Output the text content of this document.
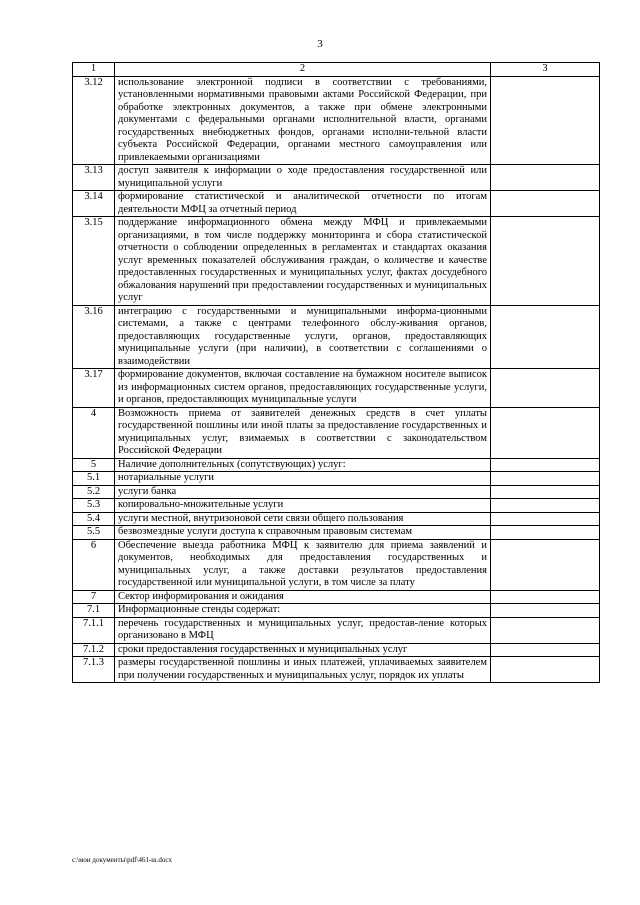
3
1	2	3
3.12	использование электронной подписи в соответствии с требованиями, установленными нормативными правовыми актами Российской Федерации, при обработке электронных документов, а также при обмене электронными документами с федеральными органами исполнительной власти, органами государственных внебюджетных фондов, органами исполни-тельной власти субъекта Российской Федерации, органами местного самоуправления или привлекаемыми организациями	
3.13	доступ заявителя к информации о ходе предоставления государственной или муниципальной услуги	
3.14	формирование статистической и аналитической отчетности по итогам деятельности МФЦ за отчетный период	
3.15	поддержание информационного обмена между МФЦ и привлекаемыми организациями, в том числе поддержку мониторинга и сбора статистической отчетности о соблюдении определенных в регламентах и стандартах оказания услуг временных показателей обслуживания граждан, о количестве и качестве предоставленных государственных и муниципальных услуг, фактах досудебного обжалования нарушений при предоставлении государственных и муниципальных услуг	
3.16	интеграцию с государственными и муниципальными информа-ционными системами, а также с центрами телефонного обслу-живания органов, предоставляющих государственные услуги, органов, предоставляющих муниципальные услуги (при наличии), в соответствии с соглашениями о взаимодействии	
3.17	формирование документов, включая составление на бумажном носителе выписок из информационных систем органов, предоставляющих государственные услуги, и органов, предоставляющих муниципальные услуги	
4	Возможность приема от заявителей денежных средств в счет уплаты государственной пошлины или иной платы за предоставление государственных и муниципальных услуг, взимаемых в соответствии с законодательством Российской Федерации	
5	Наличие дополнительных (сопутствующих) услуг:	
5.1	нотариальные услуги	
5.2	услуги банка	
5.3	копировально-множительные услуги	
5.4	услуги местной, внутризоновой сети связи общего пользования	
5.5	безвозмездные услуги доступа к справочным правовым системам	
6	Обеспечение выезда работника МФЦ к заявителю для приема заявлений и документов, необходимых для предоставления государственных и муниципальных услуг, а также доставки результатов предоставления государственной или муниципальной услуги, в том числе за плату	
7	Сектор информирования и ожидания	
7.1	Информационные стенды содержат:	
7.1.1	перечень государственных и муниципальных услуг, предостав-ление которых организовано в МФЦ	
7.1.2	сроки предоставления государственных и муниципальных услуг	
7.1.3	размеры государственной пошлины и иных платежей, уплачиваемых заявителем при получении государственных и муниципальных услуг, порядок их уплаты	
c:\мои документы\pdf\461-ш.docx
